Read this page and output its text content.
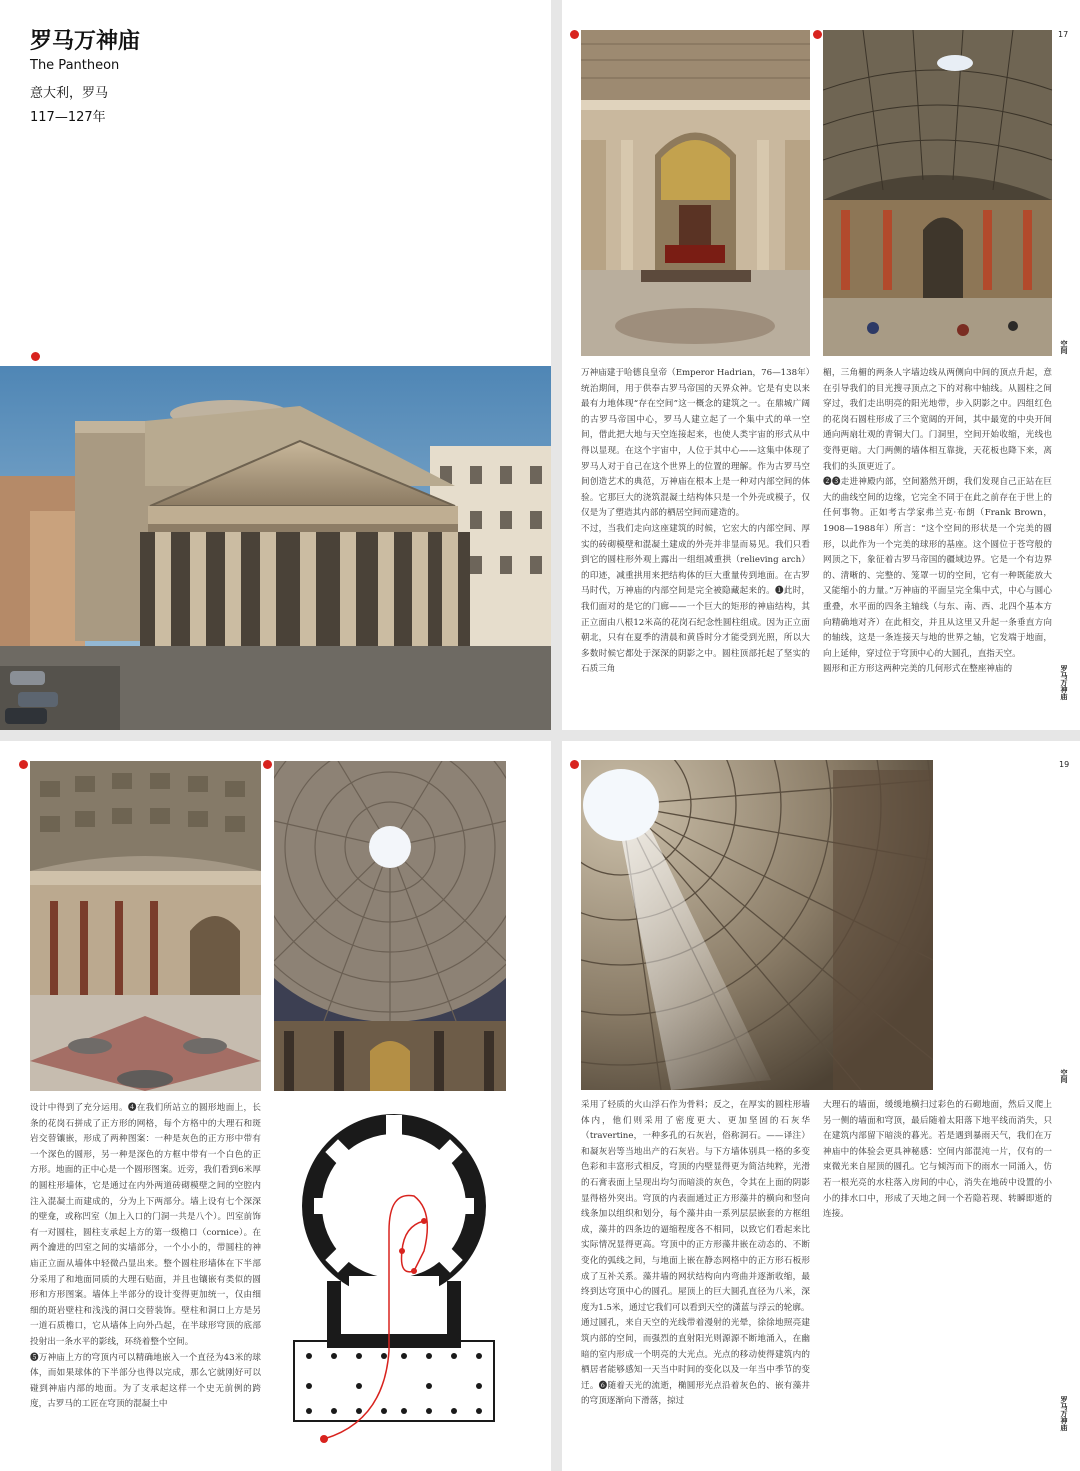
罗马万神庙
The Pantheon
意大利，罗马
117—127年
17
万神庙建于哈德良皇帝（Emperor Hadrian，76—138年）统治期间，用于供奉古罗马帝国的天界众神。它是有史以来最有力地体现“存在空间”这一概念的建筑之一。在鼎城广阔的古罗马帝国中心，罗马人建立起了一个集中式的单一空间，借此把大地与天空连接起来，也使人类宇宙的形式从中得以显现。在这个宇宙中，人位于其中心——这集中体现了罗马人对于自己在这个世界上的位置的理解。作为古罗马空间创造艺术的典范，万神庙在根本上是一种对内部空间的体验。它那巨大的浇筑混凝土结构体只是一个外壳或模子，仅仅是为了塑造其内部的栖居空间而建造的。
不过，当我们走向这座建筑的时候，它宏大的内部空间、厚实的砖砌模壁和混凝土建成的外壳并非显而易见。我们只看到它的圆柱形外观上露出一组组减重拱（relieving arch）的印迹，减重拱用来把结构体的巨大重量传到地面。在古罗马时代，万神庙的内部空间是完全被隐藏起来的。❶此时，我们面对的是它的门廊——一个巨大的矩形的神庙结构，其正立面由八根12米高的花岗石纪念性圆柱组成。因为正立面朝北，只有在夏季的清晨和黄昏时分才能受到光照，所以大多数时候它都处于深深的阴影之中。圆柱顶部托起了坚实的石质三角
楣，三角楣的两条人字墙边线从两侧向中间的顶点升起，意在引导我们的目光搜寻顶点之下的对称中轴线。从圆柱之间穿过，我们走出明亮的阳光地带，步入阴影之中。四组红色的花岗石圆柱形成了三个宽阔的开间，其中最宽的中央开间通向两扇壮观的青铜大门。门洞里，空间开始收缩，光线也变得更暗。大门两侧的墙体相互靠拢，天花板也降下来，离我们的头顶更近了。
❷❸走进神殿内部，空间豁然开朗，我们发现自己正站在巨大的曲线空间的边缘，它完全不同于在此之前存在于世上的任何事物。正如考古学家弗兰克·布朗（Frank Brown，1908—1988年）所言：“这个空间的形状是一个完美的圆形，以此作为一个完美的球形的基座。这个圆位于苍穹般的网顶之下，象征着古罗马帝国的疆域边界。它是一个有边界的、清晰的、完整的、笼罩一切的空间，它有一种既能放大又能缩小的力量。”万神庙的平面呈完全集中式，中心与圆心重叠，水平面的四条主轴线（与东、南、西、北四个基本方向精确地对齐）在此相交，并且从这里又升起一条垂直方向的轴线，这是一条连接天与地的世界之轴，它发端于地面，向上延伸，穿过位于穹顶中心的大圆孔，直指天空。
圆形和正方形这两种完美的几何形式在整座神庙的
空间
罗马万神庙
设计中得到了充分运用。❹在我们所站立的圆形地面上，长条的花岗石拼成了正方形的网格，每个方格中的大理石和斑岩交替镶嵌，形成了两种图案：一种是灰色的正方形中带有一个深色的圆形，另一种是深色的方框中带有一个白色的正方形。地面的正中心是一个圆形图案。近旁，我们看到6米厚的圆柱形墙体，它是通过在内外两道砖砌模壁之间的空腔内注入混凝土而建成的，分为上下两部分。墙上设有七个深深的壁龛，或称凹室（加上入口的门洞一共是八个）。凹室前饰有一对圆柱，圆柱支承起上方的第一级檐口（cornice）。在两个瀹进的凹室之间的实墙部分，一个小小的，带圆柱的神庙正立面从墙体中轻微凸显出来。整个圆柱形墙体在下半部分采用了和地面同质的大理石贴面，并且也镶嵌有类似的圆形和方形图案。墙体上半部分的设计变得更加统一，仅由细细的斑岩壁柱和浅浅的洞口交替装饰。壁柱和洞口上方是另一道石质檐口，它从墙体上向外凸起，在半球形穹顶的底部投射出一条水平的影线，环绕着整个空间。
❺万神庙上方的穹顶内可以精确地嵌入一个直径为43米的球体，而如果球体的下半部分也得以完成，那么它就刚好可以碰到神庙内部的地面。为了支承起这样一个史无前例的跨度，古罗马的工匠在穹顶的混凝土中
19
采用了轻质的火山浮石作为骨料；反之，在厚实的圆柱形墙体内，他们则采用了密度更大、更加坚固的石灰华（travertine，一种多孔的石灰岩，俗称洞石。——译注）和凝灰岩等当地出产的石灰岩。与下方墙体别具一格的多变色彩和丰富形式相反，穹顶的内壁显得更为简洁纯粹，光滑的石膏表面上呈现出均匀而暗淡的灰色，令其在上面的阴影显得格外突出。穹顶的内表面通过正方形藻井的横向和竖向线条加以组织和划分，每个藻井由一系列层层嵌套的方框组成，藻井的四条边的逼缩程度各不相同，以致它们看起来比实际情况显得更高。穹顶中的正方形藻井嵌在动态的、不断变化的弧线之间，与地面上嵌在静态网格中的正方形石板形成了互补关系。藻井墙的网状结构向内弯曲并逐渐收缩，最终到达穹顶中心的圆孔。屋顶上的巨大圆孔直径为八米，深度为1.5米，通过它我们可以看到天空的潇蓝与浮云的轮廓。
通过圆孔，来自天空的光线带着漫射的光晕，徐徐地照亮建筑内部的空间，而强烈的直射阳光则源源不断地涌入，在幽暗的室内形成一个明亮的大光点。光点的移动使得建筑内的栖居者能够感知一天当中时间的变化以及一年当中季节的变迁。❻随着天光的流逝，椭圆形光点沿着灰色的、嵌有藻井的穹顶逐渐向下滑落，掠过
大理石的墙面，缓缓地横扫过彩色的石砌地面，然后又爬上另一侧的墙面和穹顶，最后随着太阳落下地平线而消失，只在建筑内部留下暗淡的暮光。若是遇到暴雨天气，我们在万神庙中的体验会更具神秘感：空间内部混沌一片，仅有的一束微光来自屋顶的圆孔。它与倾泻而下的雨水一同涌入，仿若一根光亮的水柱落入房间的中心，消失在地砖中设置的小小的排水口中，形成了天地之间一个若隐若现、转瞬即逝的连接。
空间
罗马万神庙
